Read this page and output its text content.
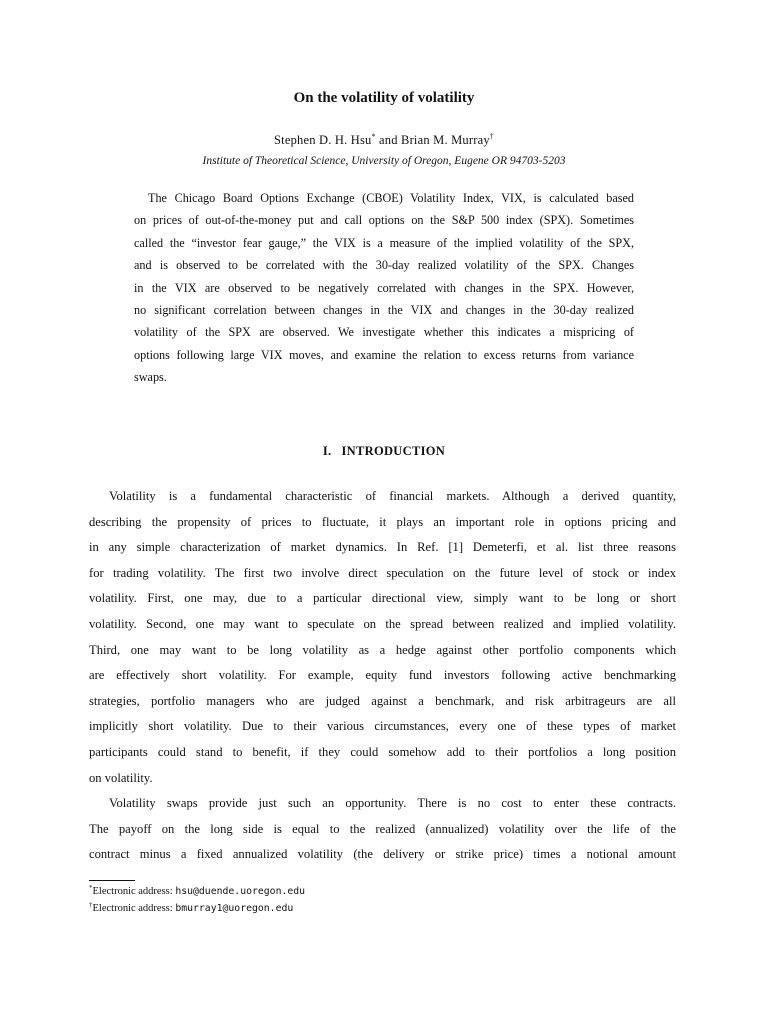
On the volatility of volatility
Stephen D. H. Hsu* and Brian M. Murray†
Institute of Theoretical Science, University of Oregon, Eugene OR 94703-5203
The Chicago Board Options Exchange (CBOE) Volatility Index, VIX, is calculated based
on prices of out-of-the-money put and call options on the S&P 500 index (SPX). Sometimes
called the “investor fear gauge,” the VIX is a measure of the implied volatility of the SPX,
and is observed to be correlated with the 30-day realized volatility of the SPX. Changes
in the VIX are observed to be negatively correlated with changes in the SPX. However,
no significant correlation between changes in the VIX and changes in the 30-day realized
volatility of the SPX are observed. We investigate whether this indicates a mispricing of
options following large VIX moves, and examine the relation to excess returns from variance
swaps.
I. INTRODUCTION
Volatility is a fundamental characteristic of financial markets. Although a derived quantity,
describing the propensity of prices to fluctuate, it plays an important role in options pricing and
in any simple characterization of market dynamics. In Ref. [1] Demeterfi, et al. list three reasons
for trading volatility. The first two involve direct speculation on the future level of stock or index
volatility. First, one may, due to a particular directional view, simply want to be long or short
volatility. Second, one may want to speculate on the spread between realized and implied volatility.
Third, one may want to be long volatility as a hedge against other portfolio components which
are effectively short volatility. For example, equity fund investors following active benchmarking
strategies, portfolio managers who are judged against a benchmark, and risk arbitrageurs are all
implicitly short volatility. Due to their various circumstances, every one of these types of market
participants could stand to benefit, if they could somehow add to their portfolios a long position
on volatility.
Volatility swaps provide just such an opportunity. There is no cost to enter these contracts.
The payoff on the long side is equal to the realized (annualized) volatility over the life of the
contract minus a fixed annualized volatility (the delivery or strike price) times a notional amount
*Electronic address: hsu@duende.uoregon.edu
†Electronic address: bmurray1@uoregon.edu
